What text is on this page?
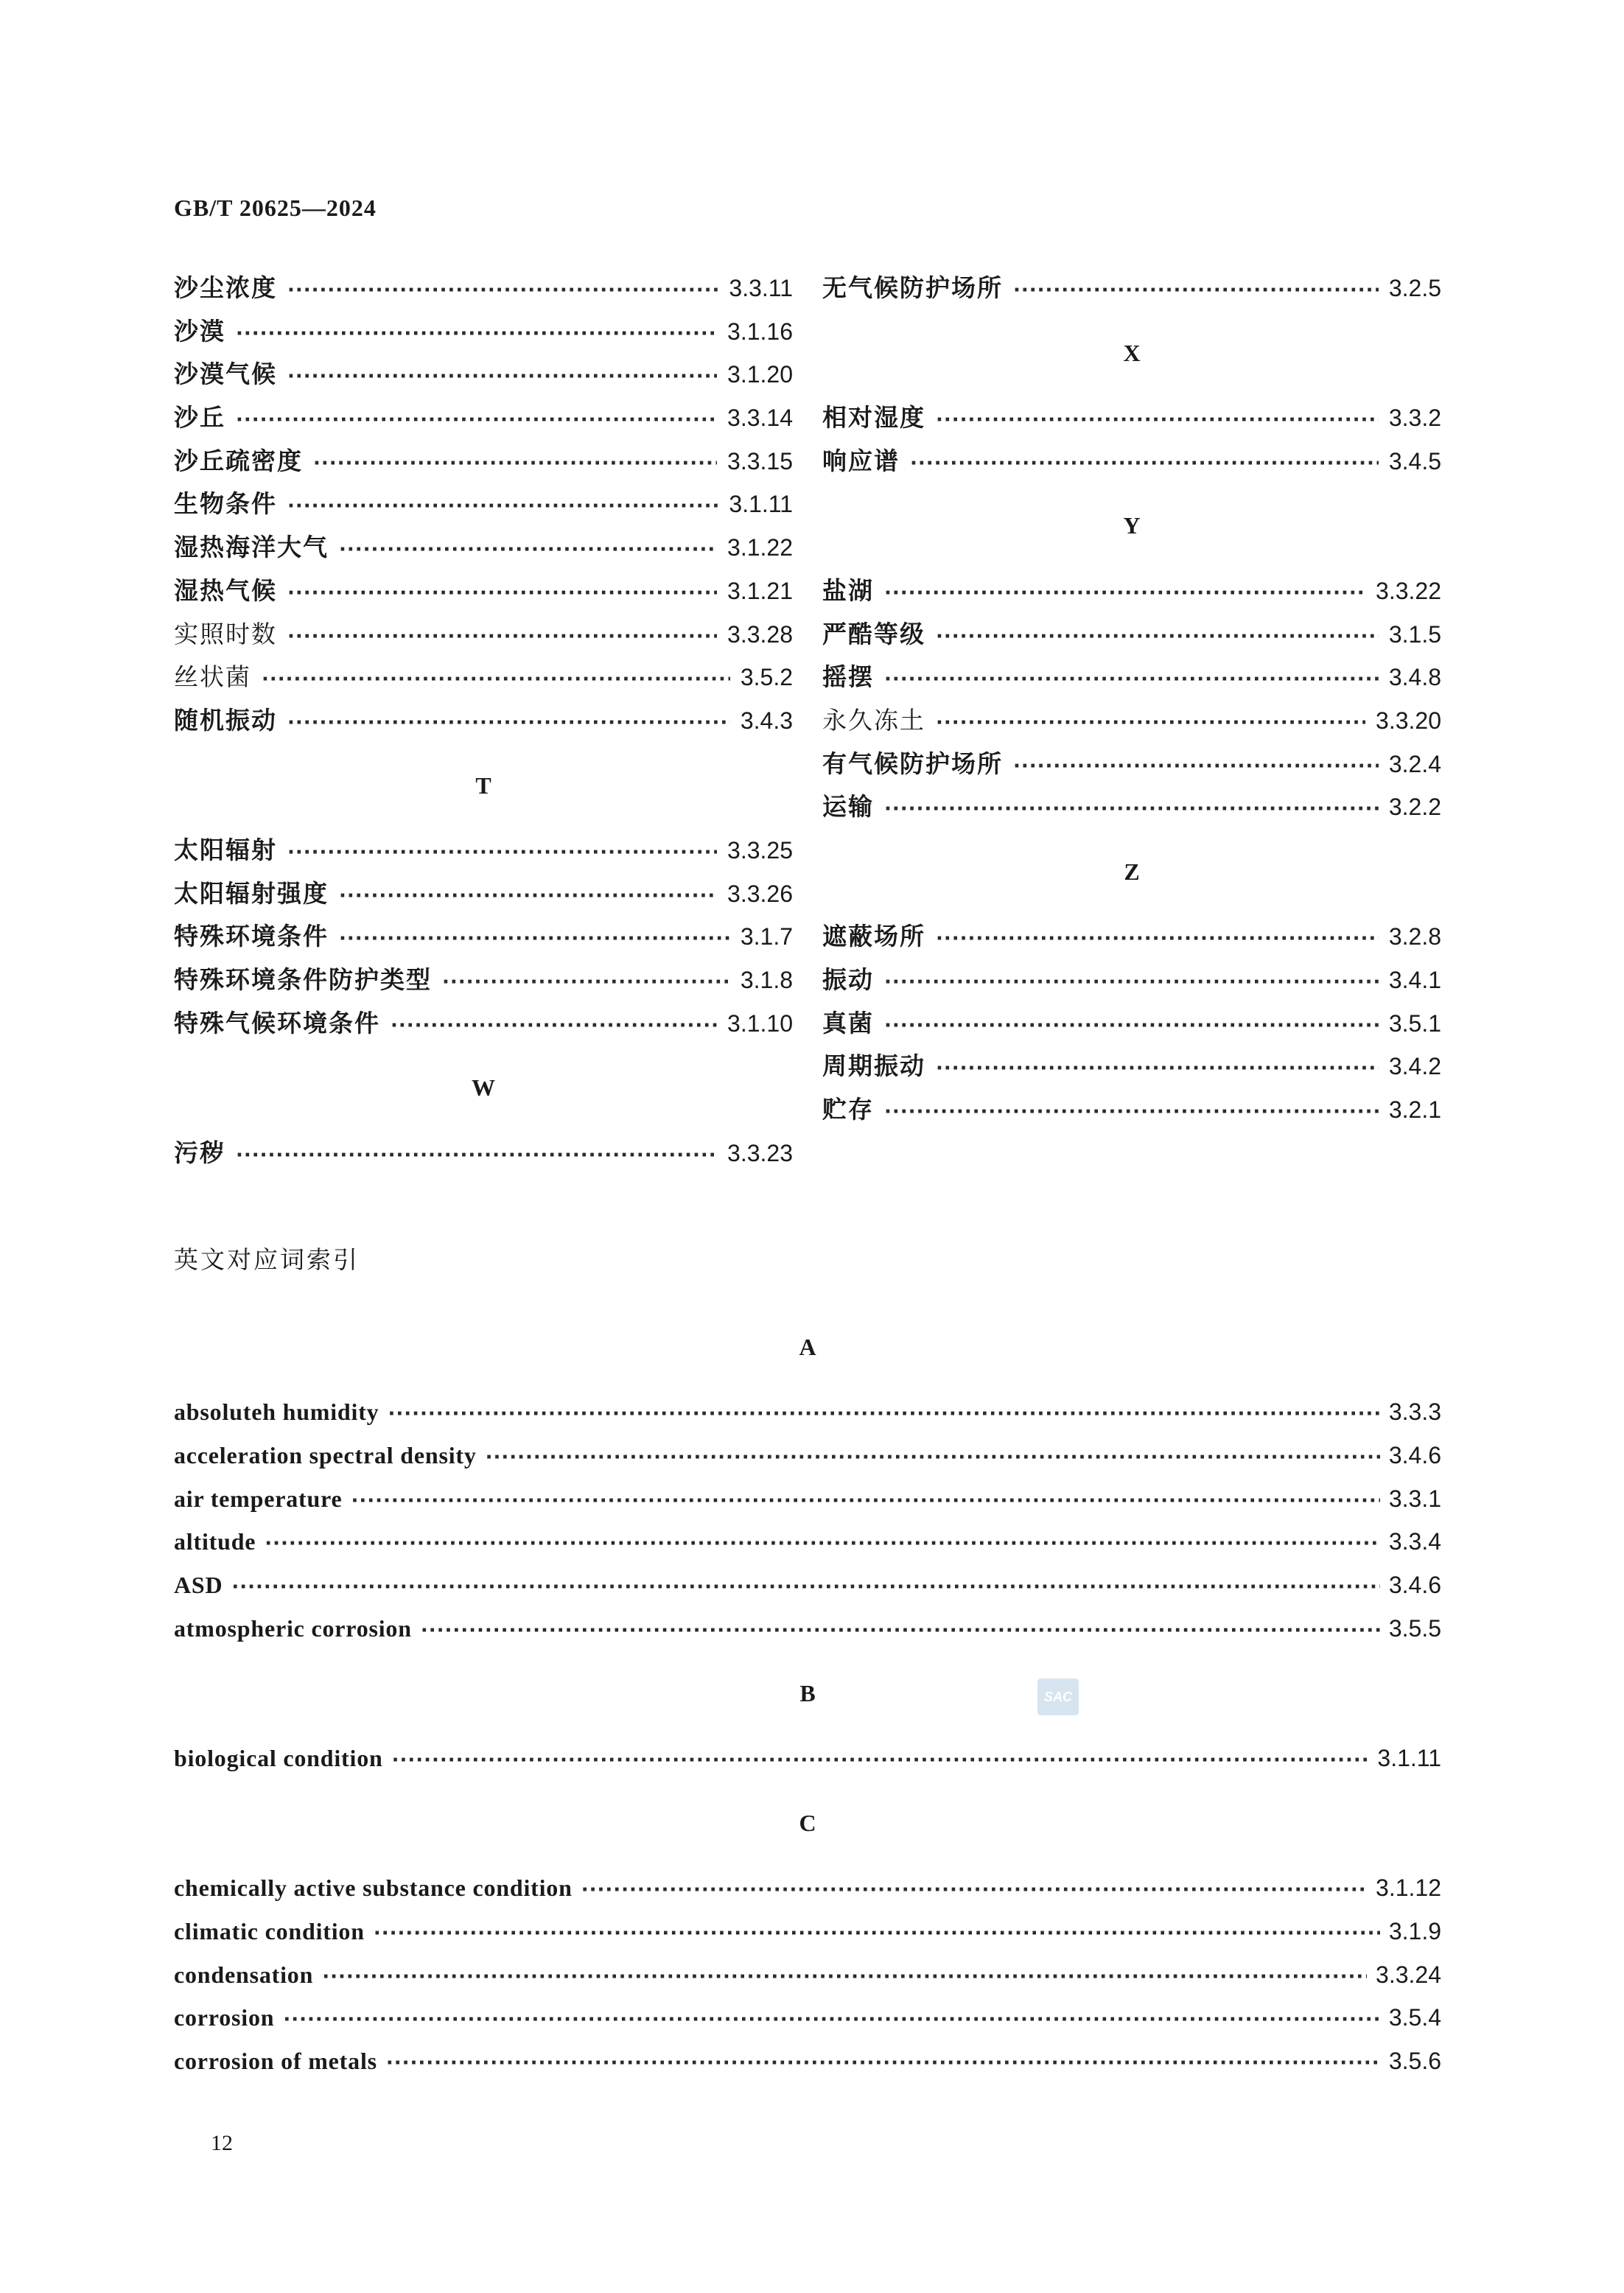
GB/T 20625—2024
沙尘浓度 ·····	3.3.11
沙漠 ·····	3.1.16
沙漠气候 ·····	3.1.20
沙丘 ·····	3.3.14
沙丘疏密度 ·····	3.3.15
生物条件 ·····	3.1.11
湿热海洋大气 ·····	3.1.22
湿热气候 ·····	3.1.21
实照时数 ·····	3.3.28
丝状菌 ·····	3.5.2
随机振动 ·····	3.4.3
T
太阳辐射 ·····	3.3.25
太阳辐射强度 ·····	3.3.26
特殊环境条件 ·····	3.1.7
特殊环境条件防护类型 ·····	3.1.8
特殊气候环境条件 ·····	3.1.10
W
污秽 ·····	3.3.23
无气候防护场所 ·····	3.2.5
X
相对湿度 ·····	3.3.2
响应谱 ·····	3.4.5
Y
盐湖 ·····	3.3.22
严酷等级 ·····	3.1.5
摇摆 ·····	3.4.8
永久冻土 ·····	3.3.20
有气候防护场所 ·····	3.2.4
运输 ·····	3.2.2
Z
遮蔽场所 ·····	3.2.8
振动 ·····	3.4.1
真菌 ·····	3.5.1
周期振动 ·····	3.4.2
贮存 ·····	3.2.1
英文对应词索引
A
absoluteh humidity ·····	3.3.3
acceleration spectral density ·····	3.4.6
air temperature ·····	3.3.1
altitude ·····	3.3.4
ASD ·····	3.4.6
atmospheric corrosion ·····	3.5.5
B
biological condition ·····	3.1.11
C
chemically active substance condition ·····	3.1.12
climatic condition ·····	3.1.9
condensation ·····	3.3.24
corrosion ·····	3.5.4
corrosion of metals ·····	3.5.6
SAC
12
